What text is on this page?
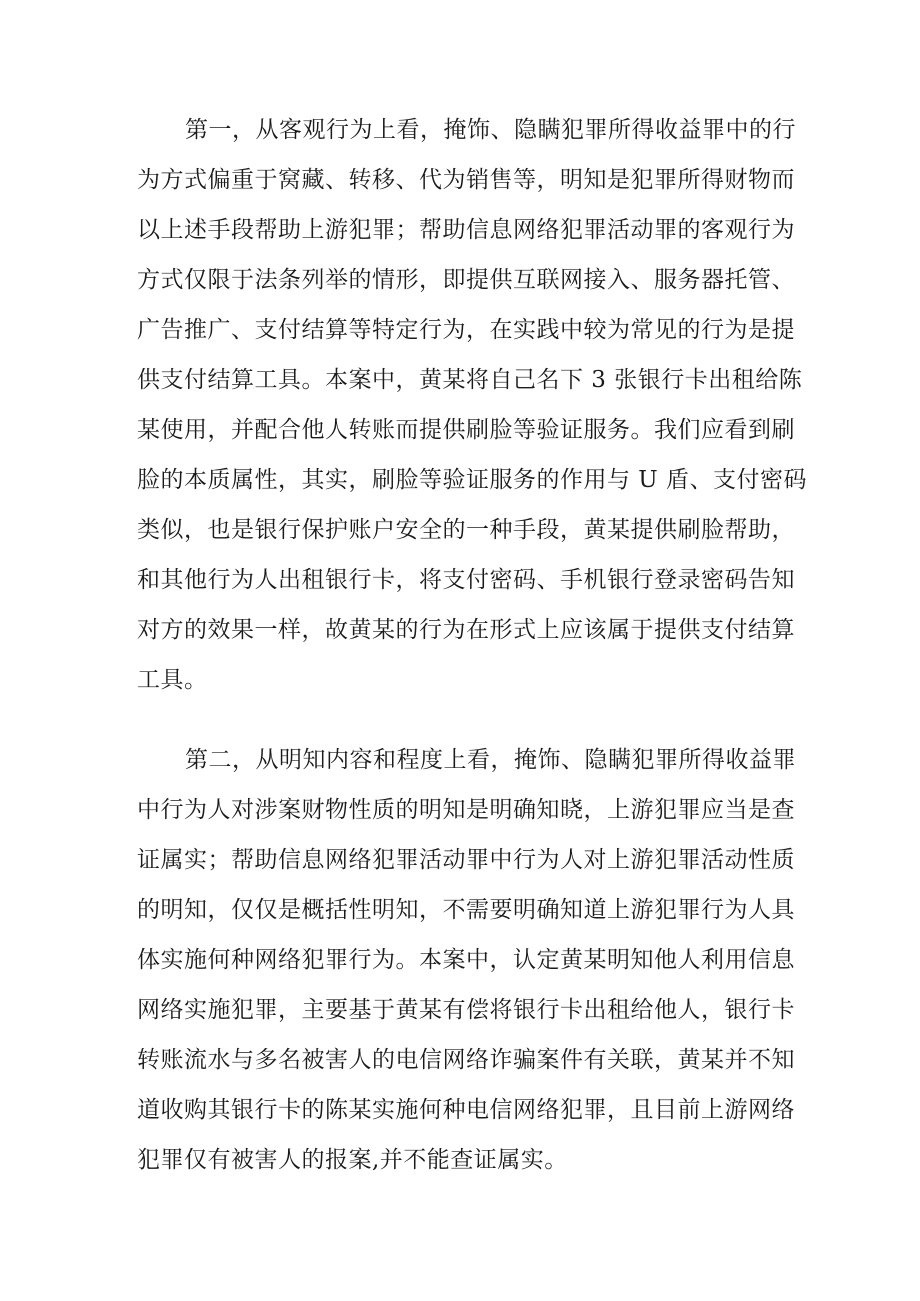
第一，从客观行为上看，掩饰、隐瞒犯罪所得收益罪中的行
为方式偏重于窝藏、转移、代为销售等，明知是犯罪所得财物而
以上述手段帮助上游犯罪；帮助信息网络犯罪活动罪的客观行为
方式仅限于法条列举的情形，即提供互联网接入、服务器托管、
广告推广、支付结算等特定行为，在实践中较为常见的行为是提
供支付结算工具。本案中，黄某将自己名下 3 张银行卡出租给陈
某使用，并配合他人转账而提供刷脸等验证服务。我们应看到刷
脸的本质属性，其实，刷脸等验证服务的作用与 U 盾、支付密码
类似，也是银行保护账户安全的一种手段，黄某提供刷脸帮助，
和其他行为人出租银行卡，将支付密码、手机银行登录密码告知
对方的效果一样，故黄某的行为在形式上应该属于提供支付结算
工具。
第二，从明知内容和程度上看，掩饰、隐瞒犯罪所得收益罪
中行为人对涉案财物性质的明知是明确知晓，上游犯罪应当是查
证属实；帮助信息网络犯罪活动罪中行为人对上游犯罪活动性质
的明知，仅仅是概括性明知，不需要明确知道上游犯罪行为人具
体实施何种网络犯罪行为。本案中，认定黄某明知他人利用信息
网络实施犯罪，主要基于黄某有偿将银行卡出租给他人，银行卡
转账流水与多名被害人的电信网络诈骗案件有关联，黄某并不知
道收购其银行卡的陈某实施何种电信网络犯罪，且目前上游网络
犯罪仅有被害人的报案,并不能查证属实。
